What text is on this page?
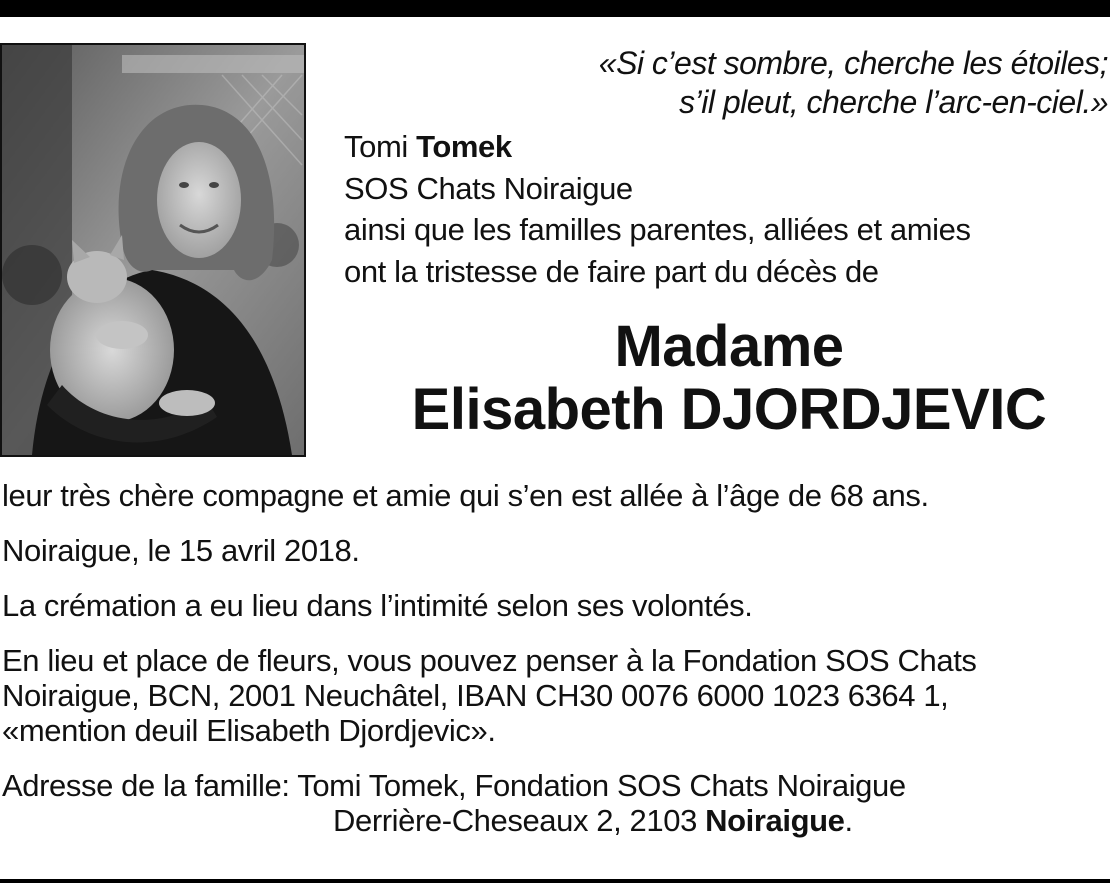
«Si c’est sombre, cherche les étoiles;
s’il pleut, cherche l’arc-en-ciel.»
Tomi Tomek
SOS Chats Noiraigue
ainsi que les familles parentes, alliées et amies
ont la tristesse de faire part du décès de
Madame
Elisabeth DJORDJEVIC
leur très chère compagne et amie qui s’en est allée à l’âge de 68 ans.
Noiraigue, le 15 avril 2018.
La crémation a eu lieu dans l’intimité selon ses volontés.
En lieu et place de fleurs, vous pouvez penser à la Fondation SOS Chats
Noiraigue, BCN, 2001 Neuchâtel, IBAN CH30 0076 6000 1023 6364 1,
«mention deuil Elisabeth Djordjevic».
Adresse de la famille: Tomi Tomek, Fondation SOS Chats Noiraigue
Derrière-Cheseaux 2, 2103 Noiraigue.
